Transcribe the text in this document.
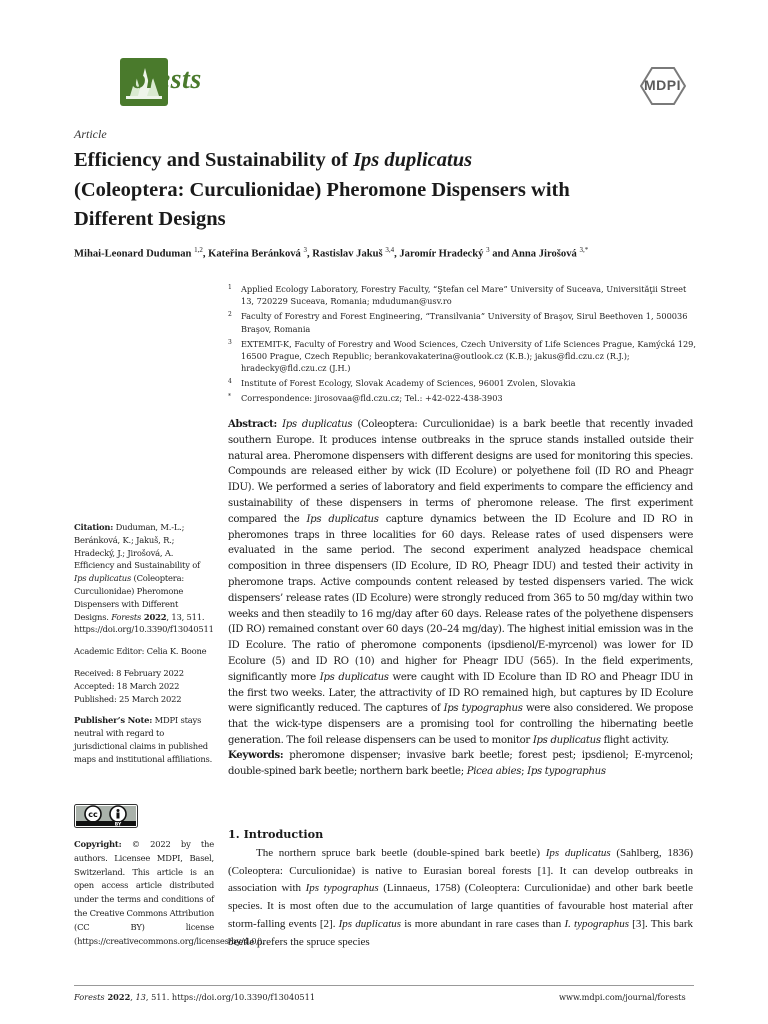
forests	MDPI
Article
Efficiency and Sustainability of Ips duplicatus
(Coleoptera: Curculionidae) Pheromone Dispensers with
Different Designs
Mihai-Leonard Duduman $^{1,2}$, Kateřina Beránková $^3$, Rastislav Jakuš $^{3,4}$, Jaromír Hradecký $^3$ and Anna Jirošová $^{3,*}$
1 Applied Ecology Laboratory, Forestry Faculty, “Ştefan cel Mare” University of Suceava, Universităţii Street 13, 720229 Suceava, Romania; mduduman@usv.ro
2 Faculty of Forestry and Forest Engineering, “Transilvania” University of Braşov, Sirul Beethoven 1, 500036 Braşov, Romania
3 EXTEMIT-K, Faculty of Forestry and Wood Sciences, Czech University of Life Sciences Prague, Kamýcká 129, 16500 Prague, Czech Republic; berankovakaterina@outlook.cz (K.B.); jakus@fld.czu.cz (R.J.); hradecky@fld.czu.cz (J.H.)
4 Institute of Forest Ecology, Slovak Academy of Sciences, 96001 Zvolen, Slovakia
* Correspondence: jirosovaa@fld.czu.cz; Tel.: +42-022-438-3903
Abstract: Ips duplicatus (Coleoptera: Curculionidae) is a bark beetle that recently invaded southern Europe. It produces intense outbreaks in the spruce stands installed outside their natural area. Pheromone dispensers with different designs are used for monitoring this species. Compounds are released either by wick (ID Ecolure) or polyethene foil (ID RO and Pheagr IDU). We performed a series of laboratory and field experiments to compare the efficiency and sustainability of these dispensers in terms of pheromone release. The first experiment compared the Ips duplicatus capture dynamics between the ID Ecolure and ID RO in pheromones traps in three localities for 60 days. Release rates of used dispensers were evaluated in the same period. The second experiment analyzed headspace chemical composition in three dispensers (ID Ecolure, ID RO, Pheagr IDU) and tested their activity in pheromone traps. Active compounds content released by tested dispensers varied. The wick dispensers’ release rates (ID Ecolure) were strongly reduced from 365 to 50 mg/day within two weeks and then steadily to 16 mg/day after 60 days. Release rates of the polyethene dispensers (ID RO) remained constant over 60 days (20–24 mg/day). The highest initial emission was in the ID Ecolure. The ratio of pheromone components (ipsdienol/E-myrcenol) was lower for ID Ecolure (5) and ID RO (10) and higher for Pheagr IDU (565). In the field experiments, significantly more Ips duplicatus were caught with ID Ecolure than ID RO and Pheagr IDU in the first two weeks. Later, the attractivity of ID RO remained high, but captures by ID Ecolure were significantly reduced. The captures of Ips typographus were also considered. We propose that the wick-type dispensers are a promising tool for controlling the hibernating beetle generation. The foil release dispensers can be used to monitor Ips duplicatus flight activity.
Keywords: pheromone dispenser; invasive bark beetle; forest pest; ipsdienol; E-myrcenol; double-spined bark beetle; northern bark beetle; Picea abies; Ips typographus
Citation: Duduman, M.-L.; Beránková, K.; Jakuš, R.; Hradecký, J.; Jirošová, A. Efficiency and Sustainability of Ips duplicatus (Coleoptera: Curculionidae) Pheromone Dispensers with Different Designs. Forests 2022, 13, 511. https://doi.org/10.3390/f13040511
Academic Editor: Celia K. Boone
Received: 8 February 2022
Accepted: 18 March 2022
Published: 25 March 2022
Publisher’s Note: MDPI stays neutral with regard to jurisdictional claims in published maps and institutional affiliations.
cc
BY
Copyright: © 2022 by the authors. Licensee MDPI, Basel, Switzerland. This article is an open access article distributed under the terms and conditions of the Creative Commons Attribution (CC BY) license (https://creativecommons.org/licenses/by/4.0/).
1. Introduction
The northern spruce bark beetle (double-spined bark beetle) Ips duplicatus (Sahlberg, 1836) (Coleoptera: Curculionidae) is native to Eurasian boreal forests [1]. It can develop outbreaks in association with Ips typographus (Linnaeus, 1758) (Coleoptera: Curculionidae) and other bark beetle species. It is most often due to the accumulation of large quantities of favourable host material after storm-falling events [2]. Ips duplicatus is more abundant in rare cases than I. typographus [3]. This bark beetle prefers the spruce species
Forests 2022, 13, 511. https://doi.org/10.3390/f13040511	www.mdpi.com/journal/forests
